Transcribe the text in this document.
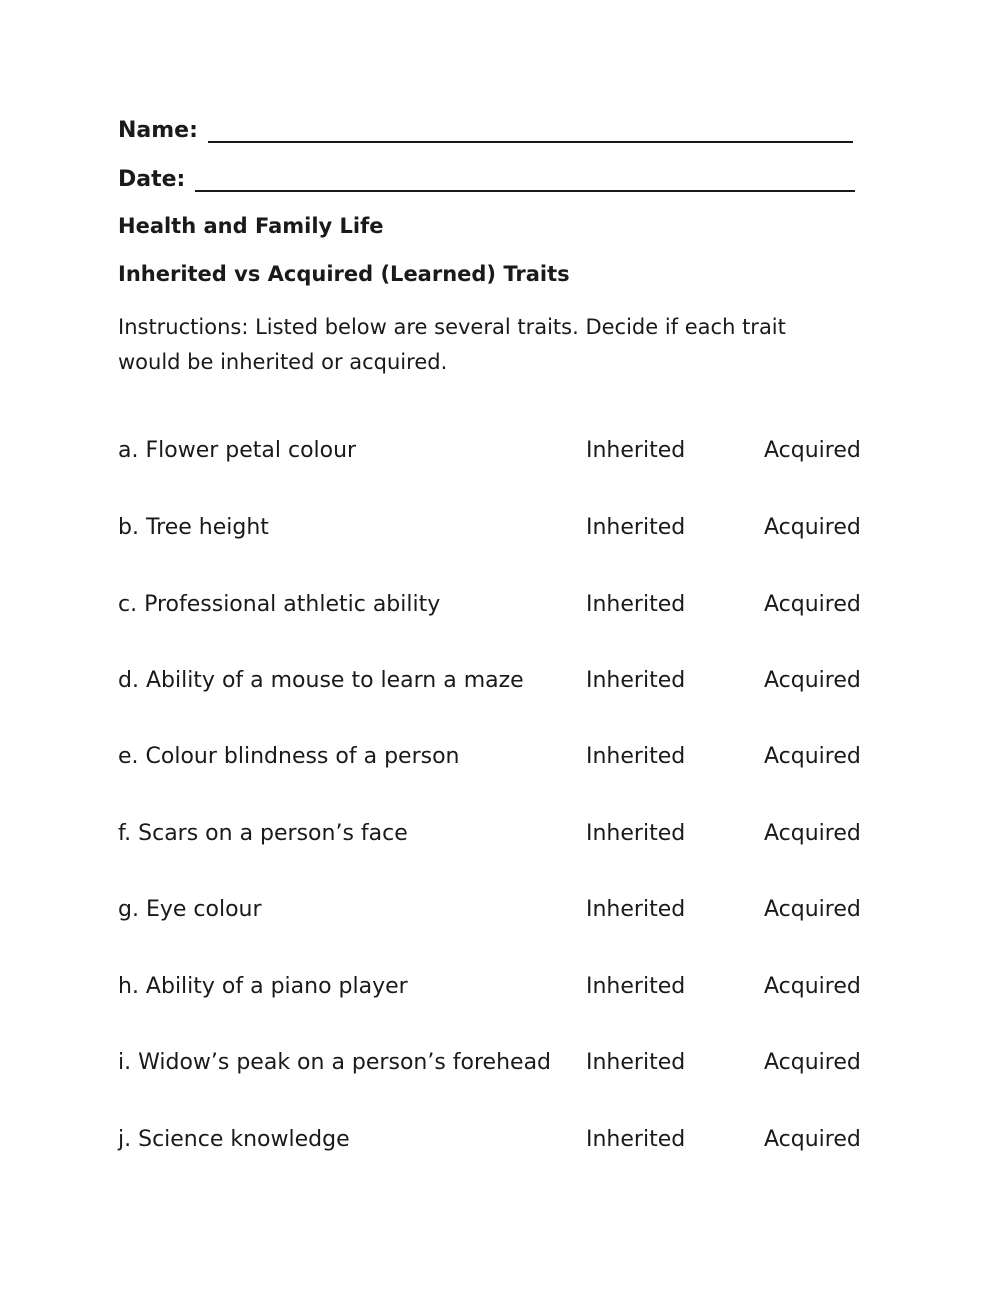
Name:
Date:
Health and Family Life
Inherited vs Acquired (Learned) Traits
Instructions: Listed below are several traits. Decide if each trait would be inherited or acquired.
a. Flower petal colour	Inherited	Acquired
b. Tree height	Inherited	Acquired
c. Professional athletic ability	Inherited	Acquired
d. Ability of a mouse to learn a maze	Inherited	Acquired
e. Colour blindness of a person	Inherited	Acquired
f. Scars on a person’s face	Inherited	Acquired
g. Eye colour	Inherited	Acquired
h. Ability of a piano player	Inherited	Acquired
i. Widow’s peak on a person’s forehead Inherited	Acquired
j. Science knowledge	Inherited	Acquired
